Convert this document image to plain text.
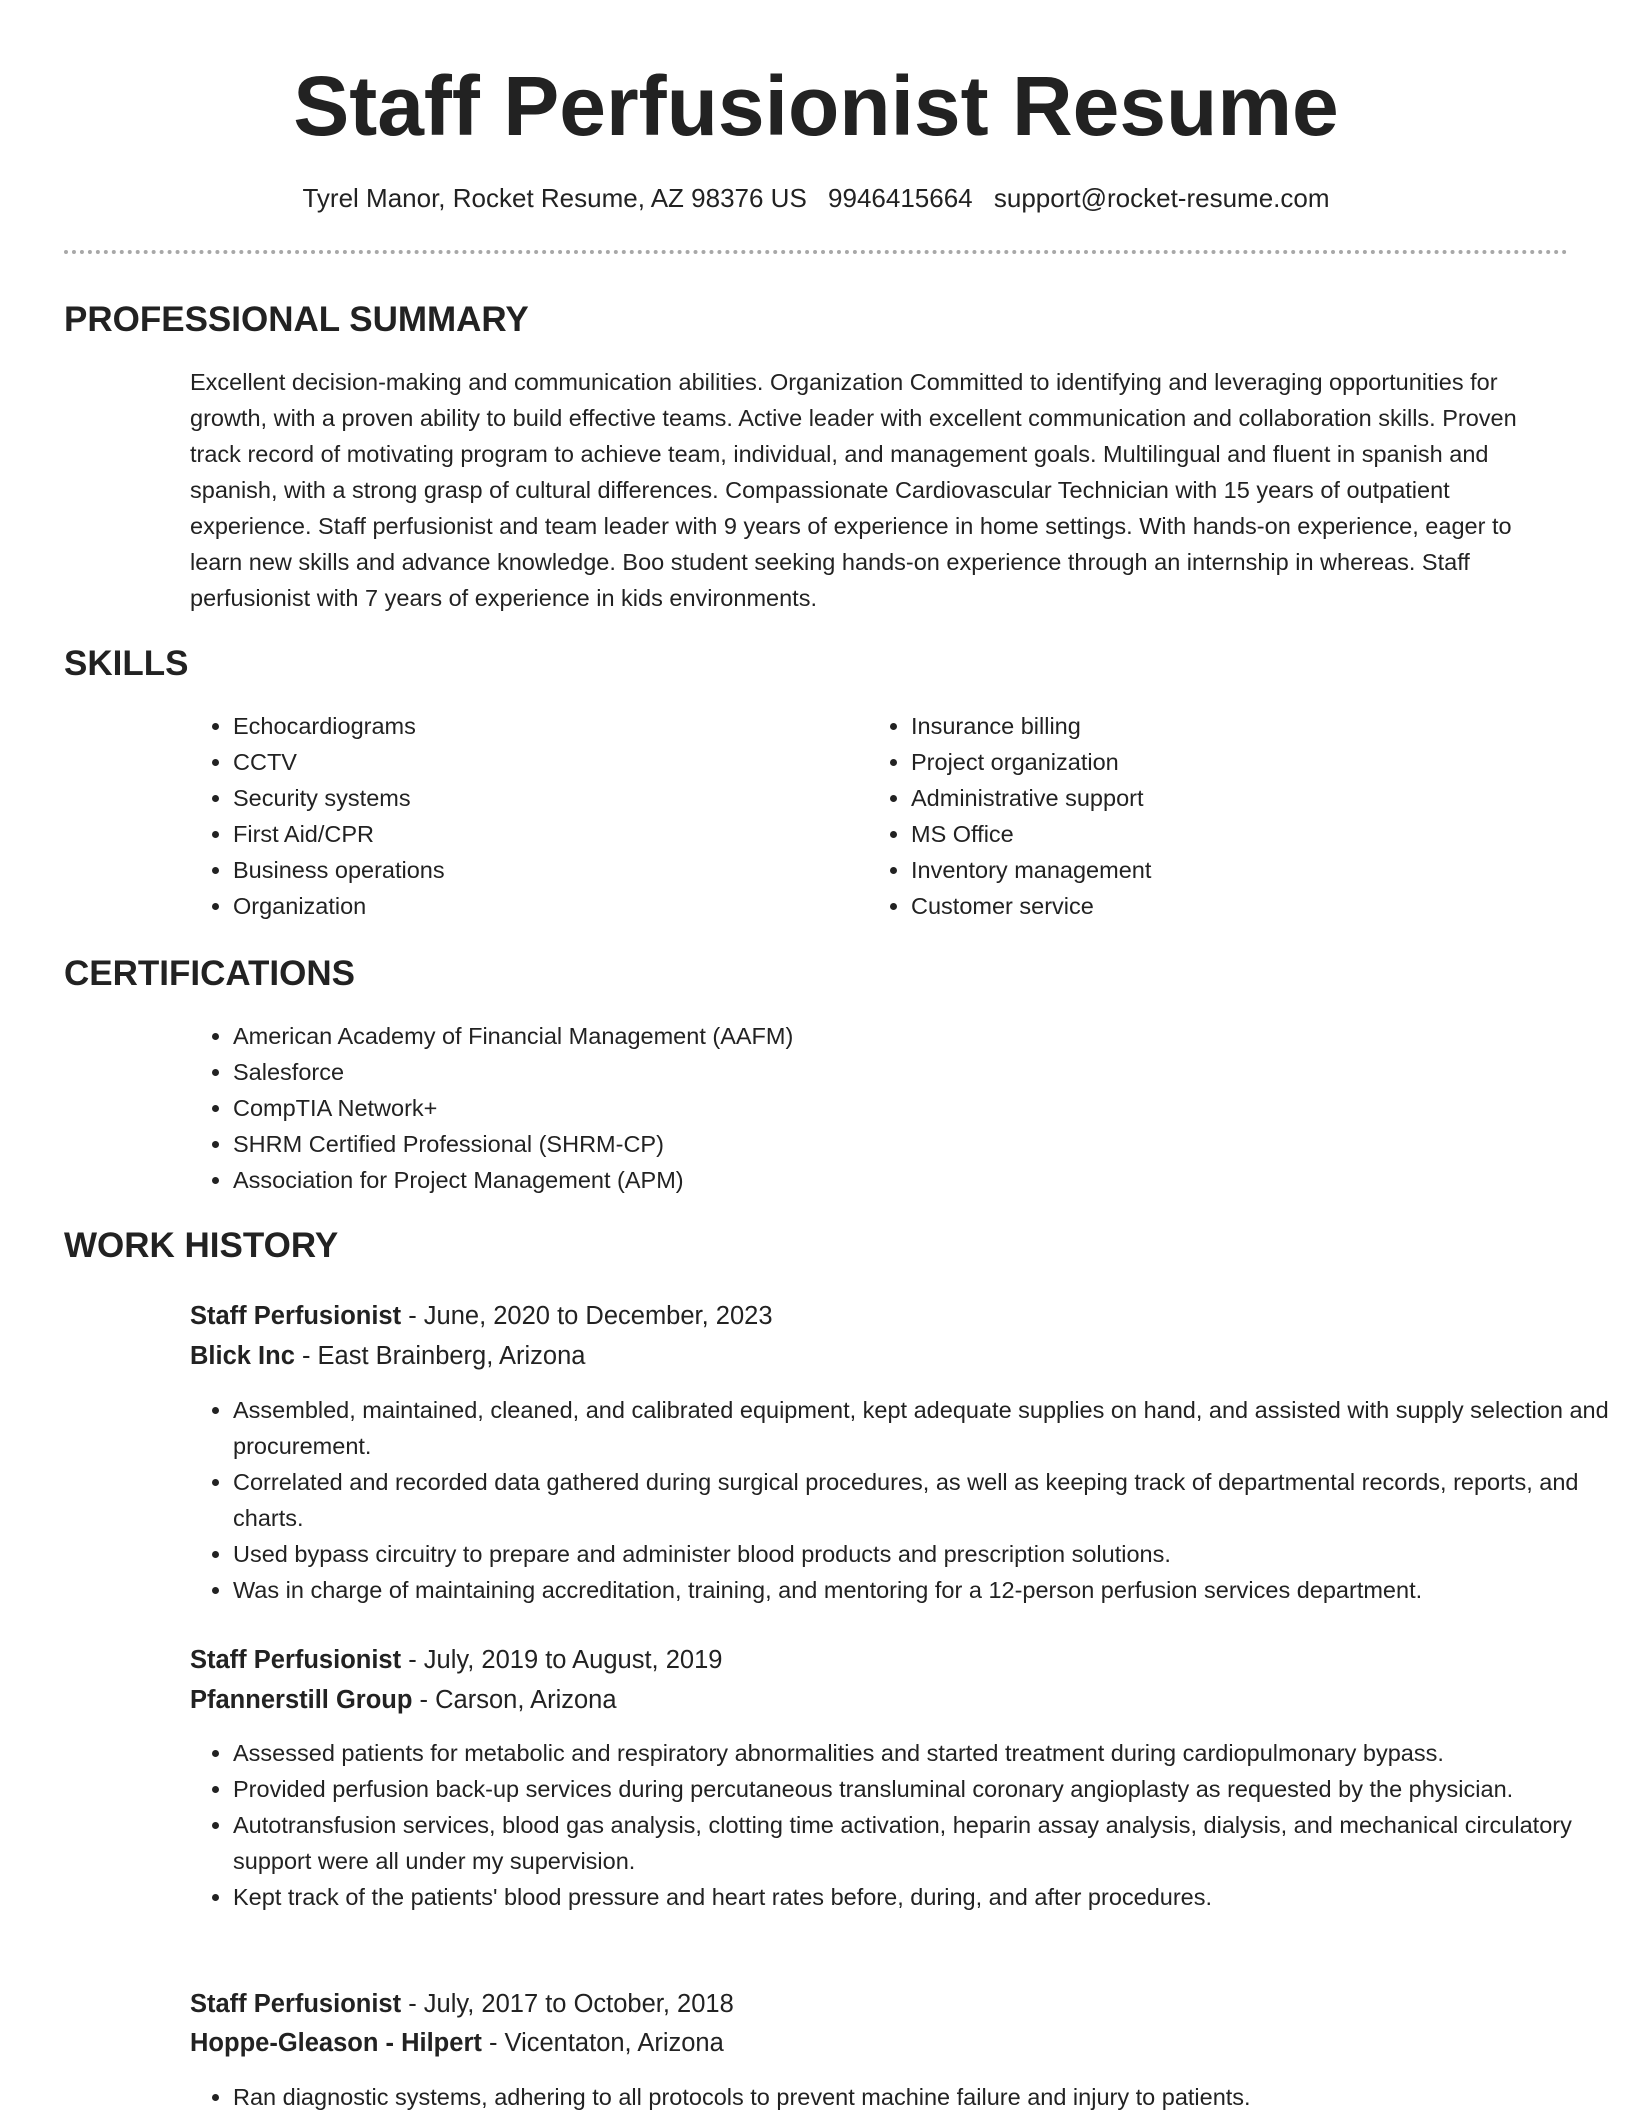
Staff Perfusionist Resume
Tyrel Manor, Rocket Resume, AZ 98376 US 9946415664 support@rocket-resume.com
PROFESSIONAL SUMMARY

Excellent decision-making and communication abilities. Organization Committed to identifying and leveraging opportunities for growth, with a proven ability to build effective teams. Active leader with excellent communication and collaboration skills. Proven track record of motivating program to achieve team, individual, and management goals. Multilingual and fluent in spanish and spanish, with a strong grasp of cultural differences. Compassionate Cardiovascular Technician with 15 years of outpatient experience. Staff perfusionist and team leader with 9 years of experience in home settings. With hands-on experience, eager to learn new skills and advance knowledge. Boo student seeking hands-on experience through an internship in whereas. Staff perfusionist with 7 years of experience in kids environments.

SKILLS
• Echocardiograms
• CCTV
• Security systems
• First Aid/CPR
• Business operations
• Organization
• Insurance billing
• Project organization
• Administrative support
• MS Office
• Inventory management
• Customer service
CERTIFICATIONS
• American Academy of Financial Management (AAFM)
• Salesforce
• CompTIA Network+
• SHRM Certified Professional (SHRM-CP)
• Association for Project Management (APM)
WORK HISTORY
Staff Perfusionist - June, 2020 to December, 2023
Blick Inc - East Brainberg, Arizona
• Assembled, maintained, cleaned, and calibrated equipment, kept adequate supplies on hand, and assisted with supply selection and procurement.
• Correlated and recorded data gathered during surgical procedures, as well as keeping track of departmental records, reports, and charts.
• Used bypass circuitry to prepare and administer blood products and prescription solutions.
• Was in charge of maintaining accreditation, training, and mentoring for a 12-person perfusion services department.
Staff Perfusionist - July, 2019 to August, 2019
Pfannerstill Group - Carson, Arizona
• Assessed patients for metabolic and respiratory abnormalities and started treatment during cardiopulmonary bypass.
• Provided perfusion back-up services during percutaneous transluminal coronary angioplasty as requested by the physician.
• Autotransfusion services, blood gas analysis, clotting time activation, heparin assay analysis, dialysis, and mechanical circulatory support were all under my supervision.
• Kept track of the patients' blood pressure and heart rates before, during, and after procedures.
Staff Perfusionist - July, 2017 to October, 2018
Hoppe-Gleason - Hilpert - Vicentaton, Arizona
• Ran diagnostic systems, adhering to all protocols to prevent machine failure and injury to patients.
